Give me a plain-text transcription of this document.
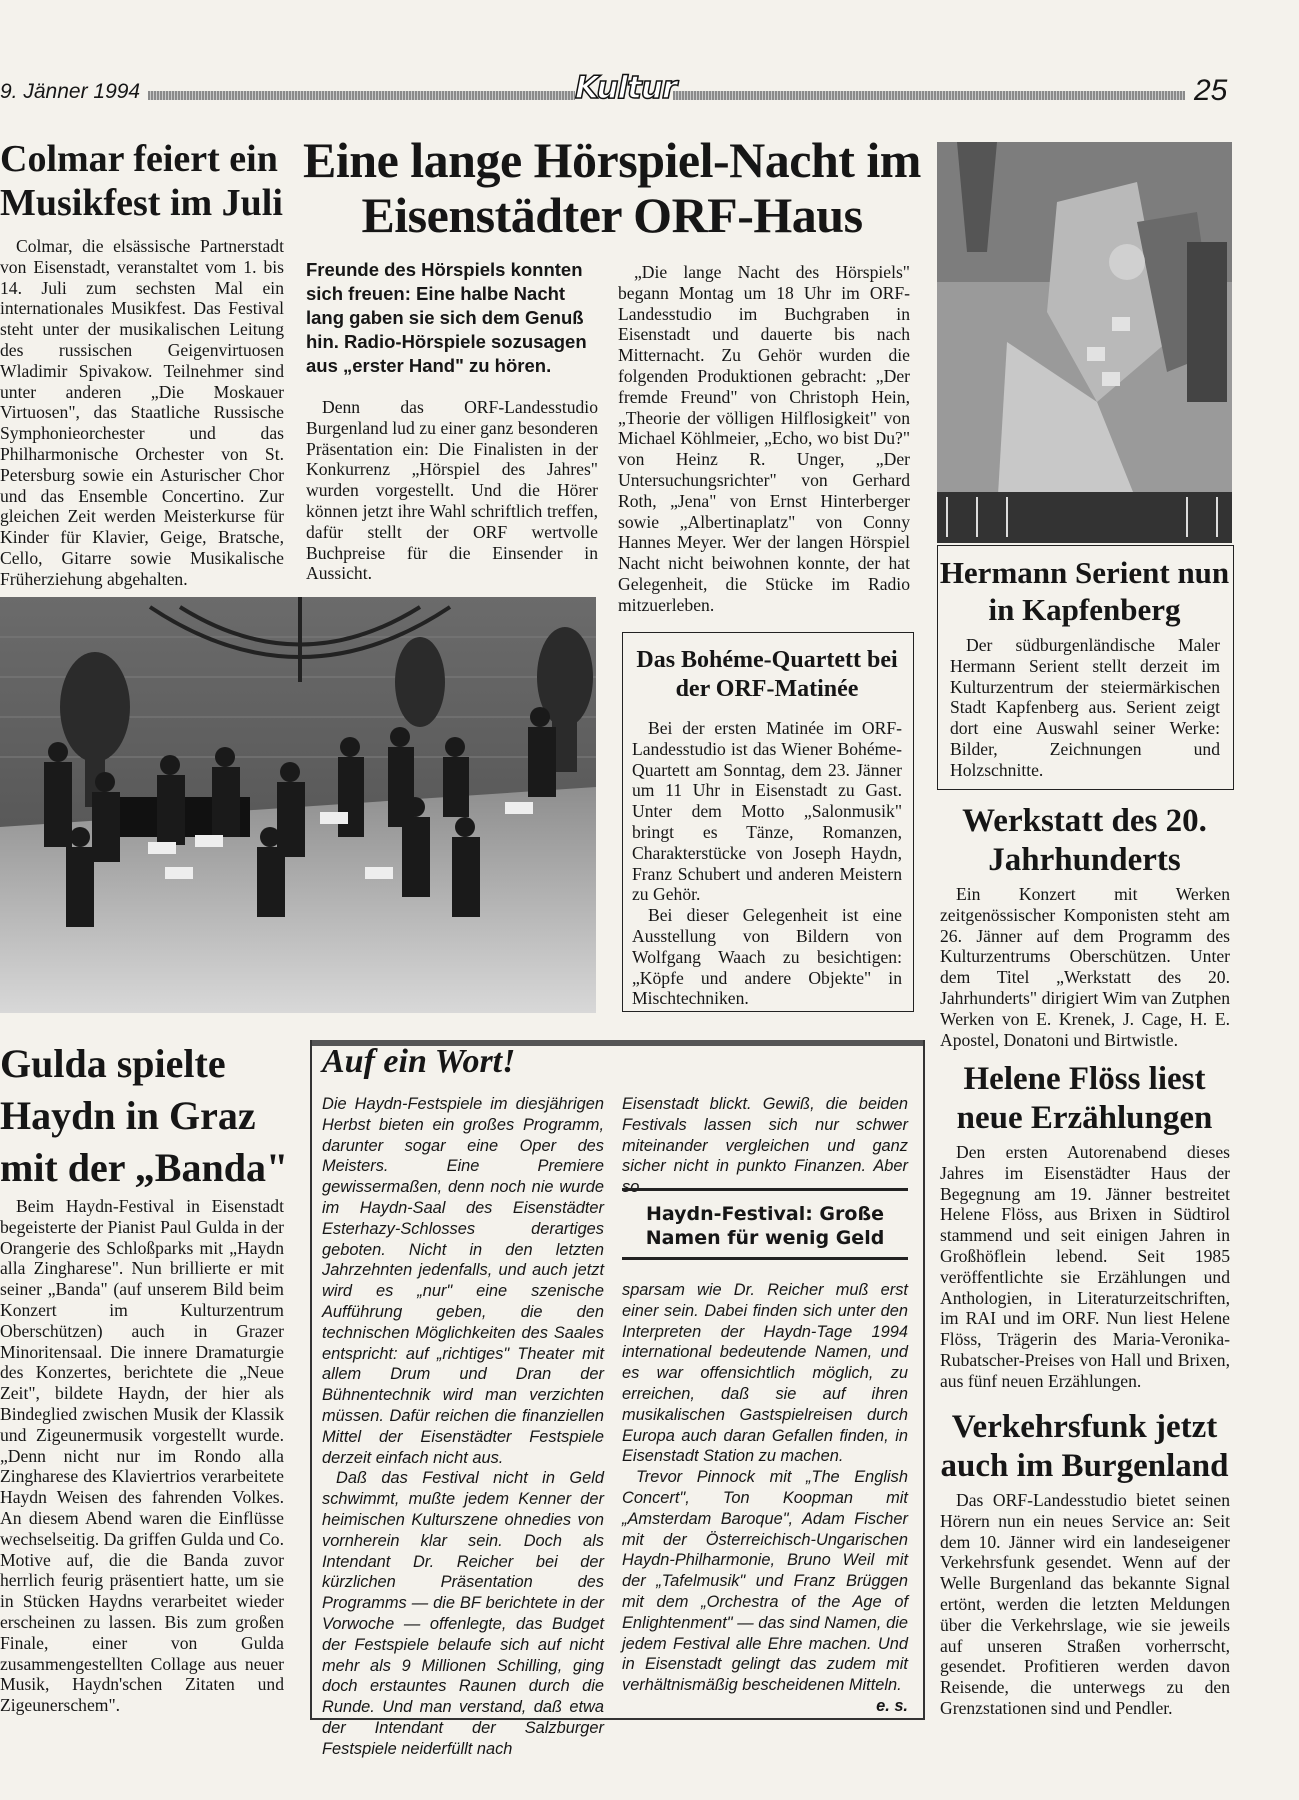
9. Jänner 1994	Kultur	25
Colmar feiert ein Musikfest im Juli

Colmar, die elsässische Partnerstadt von Eisenstadt, veranstaltet vom 1. bis 14. Juli zum sechsten Mal ein internationales Musikfest. Das Festival steht unter der musikalischen Leitung des russischen Geigenvirtuosen Wladimir Spivakow. Teilnehmer sind unter anderen „Die Moskauer Virtuosen", das Staatliche Russische Symphonieorchester und das Philharmonische Orchester von St. Petersburg sowie ein Asturischer Chor und das Ensemble Concertino. Zur gleichen Zeit werden Meisterkurse für Kinder für Klavier, Geige, Bratsche, Cello, Gitarre sowie Musikalische Früherziehung abgehalten.

Eine lange Hörspiel-Nacht im Eisenstädter ORF-Haus
Freunde des Hörspiels konnten sich freuen: Eine halbe Nacht lang gaben sie sich dem Genuß hin. Radio-Hörspiele sozusagen aus „erster Hand" zu hören.

Denn das ORF-Landesstudio Burgenland lud zu einer ganz besonderen Präsentation ein: Die Finalisten in der Konkurrenz „Hörspiel des Jahres" wurden vorgestellt. Und die Hörer können jetzt ihre Wahl schriftlich treffen, dafür stellt der ORF wertvolle Buchpreise für die Einsender in Aussicht.

„Die lange Nacht des Hörspiels" begann Montag um 18 Uhr im ORF-Landesstudio im Buchgraben in Eisenstadt und dauerte bis nach Mitternacht. Zu Gehör wurden die folgenden Produktionen gebracht: „Der fremde Freund" von Christoph Hein, „Theorie der völligen Hilflosigkeit" von Michael Köhlmeier, „Echo, wo bist Du?" von Heinz R. Unger, „Der Untersuchungsrichter" von Gerhard Roth, „Jena" von Ernst Hinterberger sowie „Albertinaplatz" von Conny Hannes Meyer. Wer der langen Hörspiel Nacht nicht beiwohnen konnte, der hat Gelegenheit, die Stücke im Radio mitzuerleben.

Das Bohéme-Quartett bei der ORF-Matinée

Bei der ersten Matinée im ORF-Landesstudio ist das Wiener Bohéme-Quartett am Sonntag, dem 23. Jänner um 11 Uhr in Eisenstadt zu Gast. Unter dem Motto „Salonmusik" bringt es Tänze, Romanzen, Charakterstücke von Joseph Haydn, Franz Schubert und anderen Meistern zu Gehör.

Bei dieser Gelegenheit ist eine Ausstellung von Bildern von Wolfgang Waach zu besichtigen: „Köpfe und andere Objekte" in Mischtechniken.

Hermann Serient nun in Kapfenberg

Der südburgenländische Maler Hermann Serient stellt derzeit im Kulturzentrum der steiermärkischen Stadt Kapfenberg aus. Serient zeigt dort eine Auswahl seiner Werke: Bilder, Zeichnungen und Holzschnitte.

Werkstatt des 20. Jahrhunderts

Ein Konzert mit Werken zeitgenössischer Komponisten steht am 26. Jänner auf dem Programm des Kulturzentrums Oberschützen. Unter dem Titel „Werkstatt des 20. Jahrhunderts" dirigiert Wim van Zutphen Werken von E. Krenek, J. Cage, H. E. Apostel, Donatoni und Birtwistle.

Helene Flöss liest neue Erzählungen

Den ersten Autorenabend dieses Jahres im Eisenstädter Haus der Begegnung am 19. Jänner bestreitet Helene Flöss, aus Brixen in Südtirol stammend und seit einigen Jahren in Großhöflein lebend. Seit 1985 veröffentlichte sie Erzählungen und Anthologien, in Literaturzeitschriften, im RAI und im ORF. Nun liest Helene Flöss, Trägerin des Maria-Veronika-Rubatscher-Preises von Hall und Brixen, aus fünf neuen Erzählungen.

Verkehrsfunk jetzt auch im Burgenland

Das ORF-Landesstudio bietet seinen Hörern nun ein neues Service an: Seit dem 10. Jänner wird ein landeseigener Verkehrsfunk gesendet. Wenn auf der Welle Burgenland das bekannte Signal ertönt, werden die letzten Meldungen über die Verkehrslage, wie sie jeweils auf unseren Straßen vorherrscht, gesendet. Profitieren werden davon Reisende, die unterwegs zu den Grenzstationen sind und Pendler.

Gulda spielte Haydn in Graz mit der „Banda"

Beim Haydn-Festival in Eisenstadt begeisterte der Pianist Paul Gulda in der Orangerie des Schloßparks mit „Haydn alla Zingharese". Nun brillierte er mit seiner „Banda" (auf unserem Bild beim Konzert im Kulturzentrum Oberschützen) auch in Grazer Minoritensaal. Die innere Dramaturgie des Konzertes, berichtete die „Neue Zeit", bildete Haydn, der hier als Bindeglied zwischen Musik der Klassik und Zigeunermusik vorgestellt wurde. „Denn nicht nur im Rondo alla Zingharese des Klaviertrios verarbeitete Haydn Weisen des fahrenden Volkes. An diesem Abend waren die Einflüsse wechselseitig. Da griffen Gulda und Co. Motive auf, die die Banda zuvor herrlich feurig präsentiert hatte, um sie in Stücken Haydns verarbeitet wieder erscheinen zu lassen. Bis zum großen Finale, einer von Gulda zusammengestellten Collage aus neuer Musik, Haydn'schen Zitaten und Zigeunerschem".

Auf ein Wort!

Die Haydn-Festspiele im diesjährigen Herbst bieten ein großes Programm, darunter sogar eine Oper des Meisters. Eine Premiere gewissermaßen, denn noch nie wurde im Haydn-Saal des Eisenstädter Esterhazy-Schlosses derartiges geboten. Nicht in den letzten Jahrzehnten jedenfalls, und auch jetzt wird es „nur" eine szenische Aufführung geben, die den technischen Möglichkeiten des Saales entspricht: auf „richtiges" Theater mit allem Drum und Dran der Bühnentechnik wird man verzichten müssen. Dafür reichen die finanziellen Mittel der Eisenstädter Festspiele derzeit einfach nicht aus.

Daß das Festival nicht in Geld schwimmt, mußte jedem Kenner der heimischen Kulturszene ohnedies von vornherein klar sein. Doch als Intendant Dr. Reicher bei der kürzlichen Präsentation des Programms — die BF berichtete in der Vorwoche — offenlegte, das Budget der Festspiele belaufe sich auf nicht mehr als 9 Millionen Schilling, ging doch erstauntes Raunen durch die Runde. Und man verstand, daß etwa der Intendant der Salzburger Festspiele neiderfüllt nach

Eisenstadt blickt. Gewiß, die beiden Festivals lassen sich nur schwer miteinander vergleichen und ganz sicher nicht in punkto Finanzen. Aber so

Haydn-Festival: Große Namen für wenig Geld

sparsam wie Dr. Reicher muß erst einer sein. Dabei finden sich unter den Interpreten der Haydn-Tage 1994 international bedeutende Namen, und es war offensichtlich möglich, zu erreichen, daß sie auf ihren musikalischen Gastspielreisen durch Europa auch daran Gefallen finden, in Eisenstadt Station zu machen.

Trevor Pinnock mit „The English Concert", Ton Koopman mit „Amsterdam Baroque", Adam Fischer mit der Österreichisch-Ungarischen Haydn-Philharmonie, Bruno Weil mit der „Tafelmusik" und Franz Brüggen mit dem „Orchestra of the Age of Enlightenment" — das sind Namen, die jedem Festival alle Ehre machen. Und in Eisenstadt gelingt das zudem mit verhältnismäßig bescheidenen Mitteln.

e. s.
